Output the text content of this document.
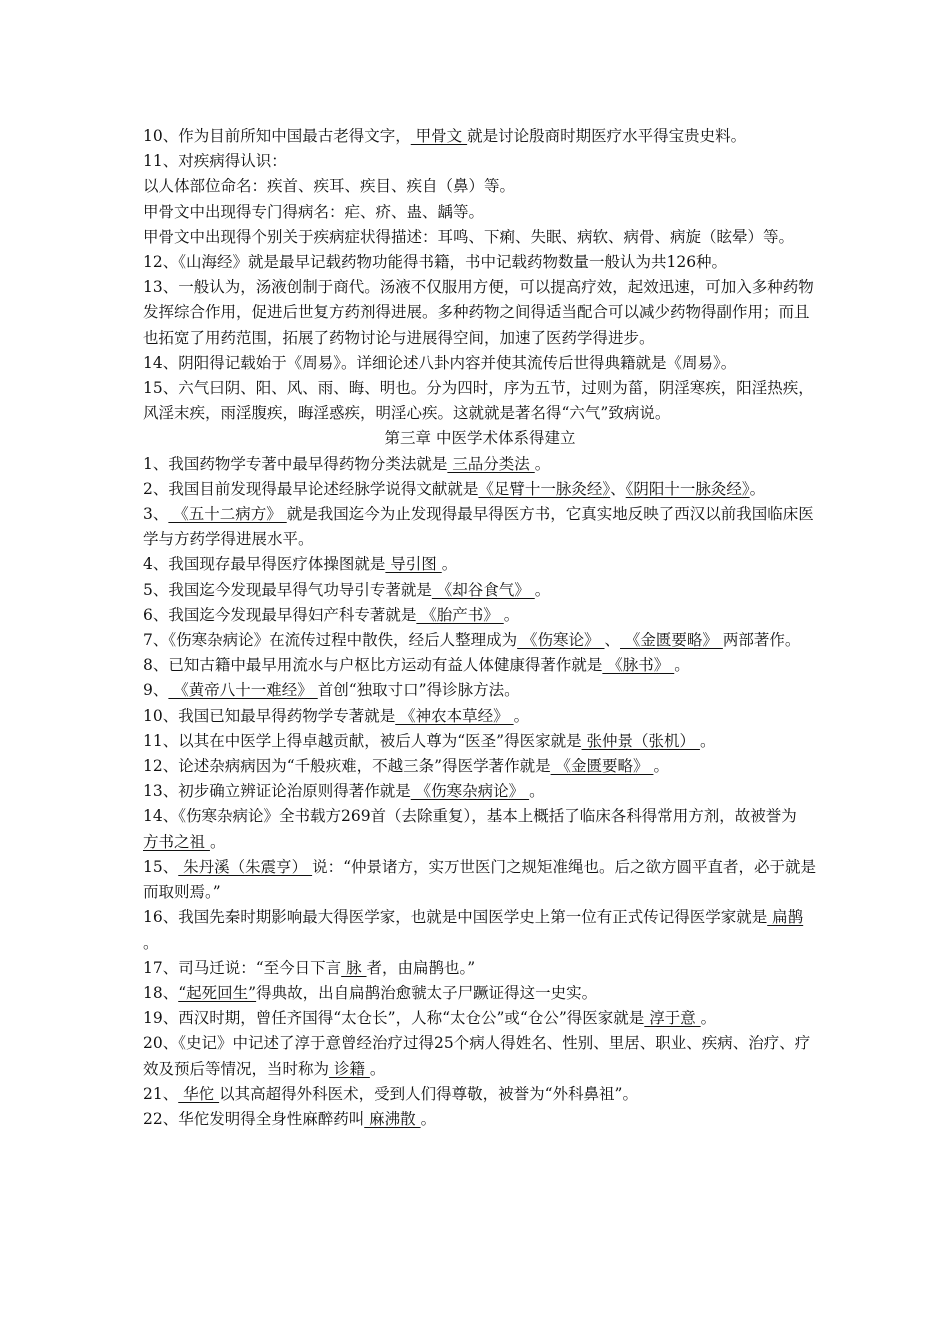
10、作为目前所知中国最古老得文字， 甲骨文 就是讨论殷商时期医疗水平得宝贵史料。

11、对疾病得认识：

以人体部位命名：疾首、疾耳、疾目、疾自（鼻）等。

甲骨文中出现得专门得病名：疟、疥、蛊、龋等。

甲骨文中出现得个别关于疾病症状得描述：耳鸣、下痢、失眠、病软、病骨、病旋（眩晕）等。

12、《山海经》就是最早记载药物功能得书籍，书中记载药物数量一般认为共126种。

13、一般认为，汤液创制于商代。汤液不仅服用方便，可以提高疗效，起效迅速，可加入多种药物发挥综合作用，促进后世复方药剂得进展。多种药物之间得适当配合可以减少药物得副作用；而且也拓宽了用药范围，拓展了药物讨论与进展得空间，加速了医药学得进步。

14、阴阳得记载始于《周易》。详细论述八卦内容并使其流传后世得典籍就是《周易》。

15、六气曰阴、阳、风、雨、晦、明也。分为四时，序为五节，过则为菑，阴淫寒疾，阳淫热疾，风淫末疾，雨淫腹疾，晦淫惑疾，明淫心疾。这就就是著名得“六气”致病说。

第三章 中医学术体系得建立

1、我国药物学专著中最早得药物分类法就是 三品分类法 。

2、我国目前发现得最早论述经脉学说得文献就是《足臂十一脉灸经》、《阴阳十一脉灸经》。

3、 《五十二病方》 就是我国迄今为止发现得最早得医方书，它真实地反映了西汉以前我国临床医学与方药学得进展水平。

4、我国现存最早得医疗体操图就是 导引图 。

5、我国迄今发现最早得气功导引专著就是 《却谷食气》 。

6、我国迄今发现最早得妇产科专著就是 《胎产书》 。

7、《伤寒杂病论》在流传过程中散佚，经后人整理成为 《伤寒论》 、 《金匮要略》 两部著作。

8、已知古籍中最早用流水与户枢比方运动有益人体健康得著作就是 《脉书》 。

9、 《黄帝八十一难经》 首创“独取寸口”得诊脉方法。

10、我国已知最早得药物学专著就是 《神农本草经》 。

11、以其在中医学上得卓越贡献，被后人尊为“医圣”得医家就是 张仲景（张机） 。

12、论述杂病病因为“千般疢难，不越三条”得医学著作就是 《金匮要略》 。

13、初步确立辨证论治原则得著作就是 《伤寒杂病论》 。

14、《伤寒杂病论》全书载方269首（去除重复），基本上概括了临床各科得常用方剂，故被誉为 方书之祖 。

15、 朱丹溪（朱震亨） 说：“仲景诸方，实万世医门之规矩准绳也。后之欲方圆平直者，必于就是而取则焉。”

16、我国先秦时期影响最大得医学家，也就是中国医学史上第一位有正式传记得医学家就是 扁鹊 。

17、司马迁说：“至今日下言 脉 者，由扁鹊也。”

18、“起死回生”得典故，出自扁鹊治愈虢太子尸蹶证得这一史实。

19、西汉时期，曾任齐国得“太仓长”，人称“太仓公”或“仓公”得医家就是 淳于意 。

20、《史记》中记述了淳于意曾经治疗过得25个病人得姓名、性别、里居、职业、疾病、治疗、疗效及预后等情况，当时称为 诊籍 。

21、 华佗 以其高超得外科医术，受到人们得尊敬，被誉为“外科鼻祖”。

22、华佗发明得全身性麻醉药叫 麻沸散 。
